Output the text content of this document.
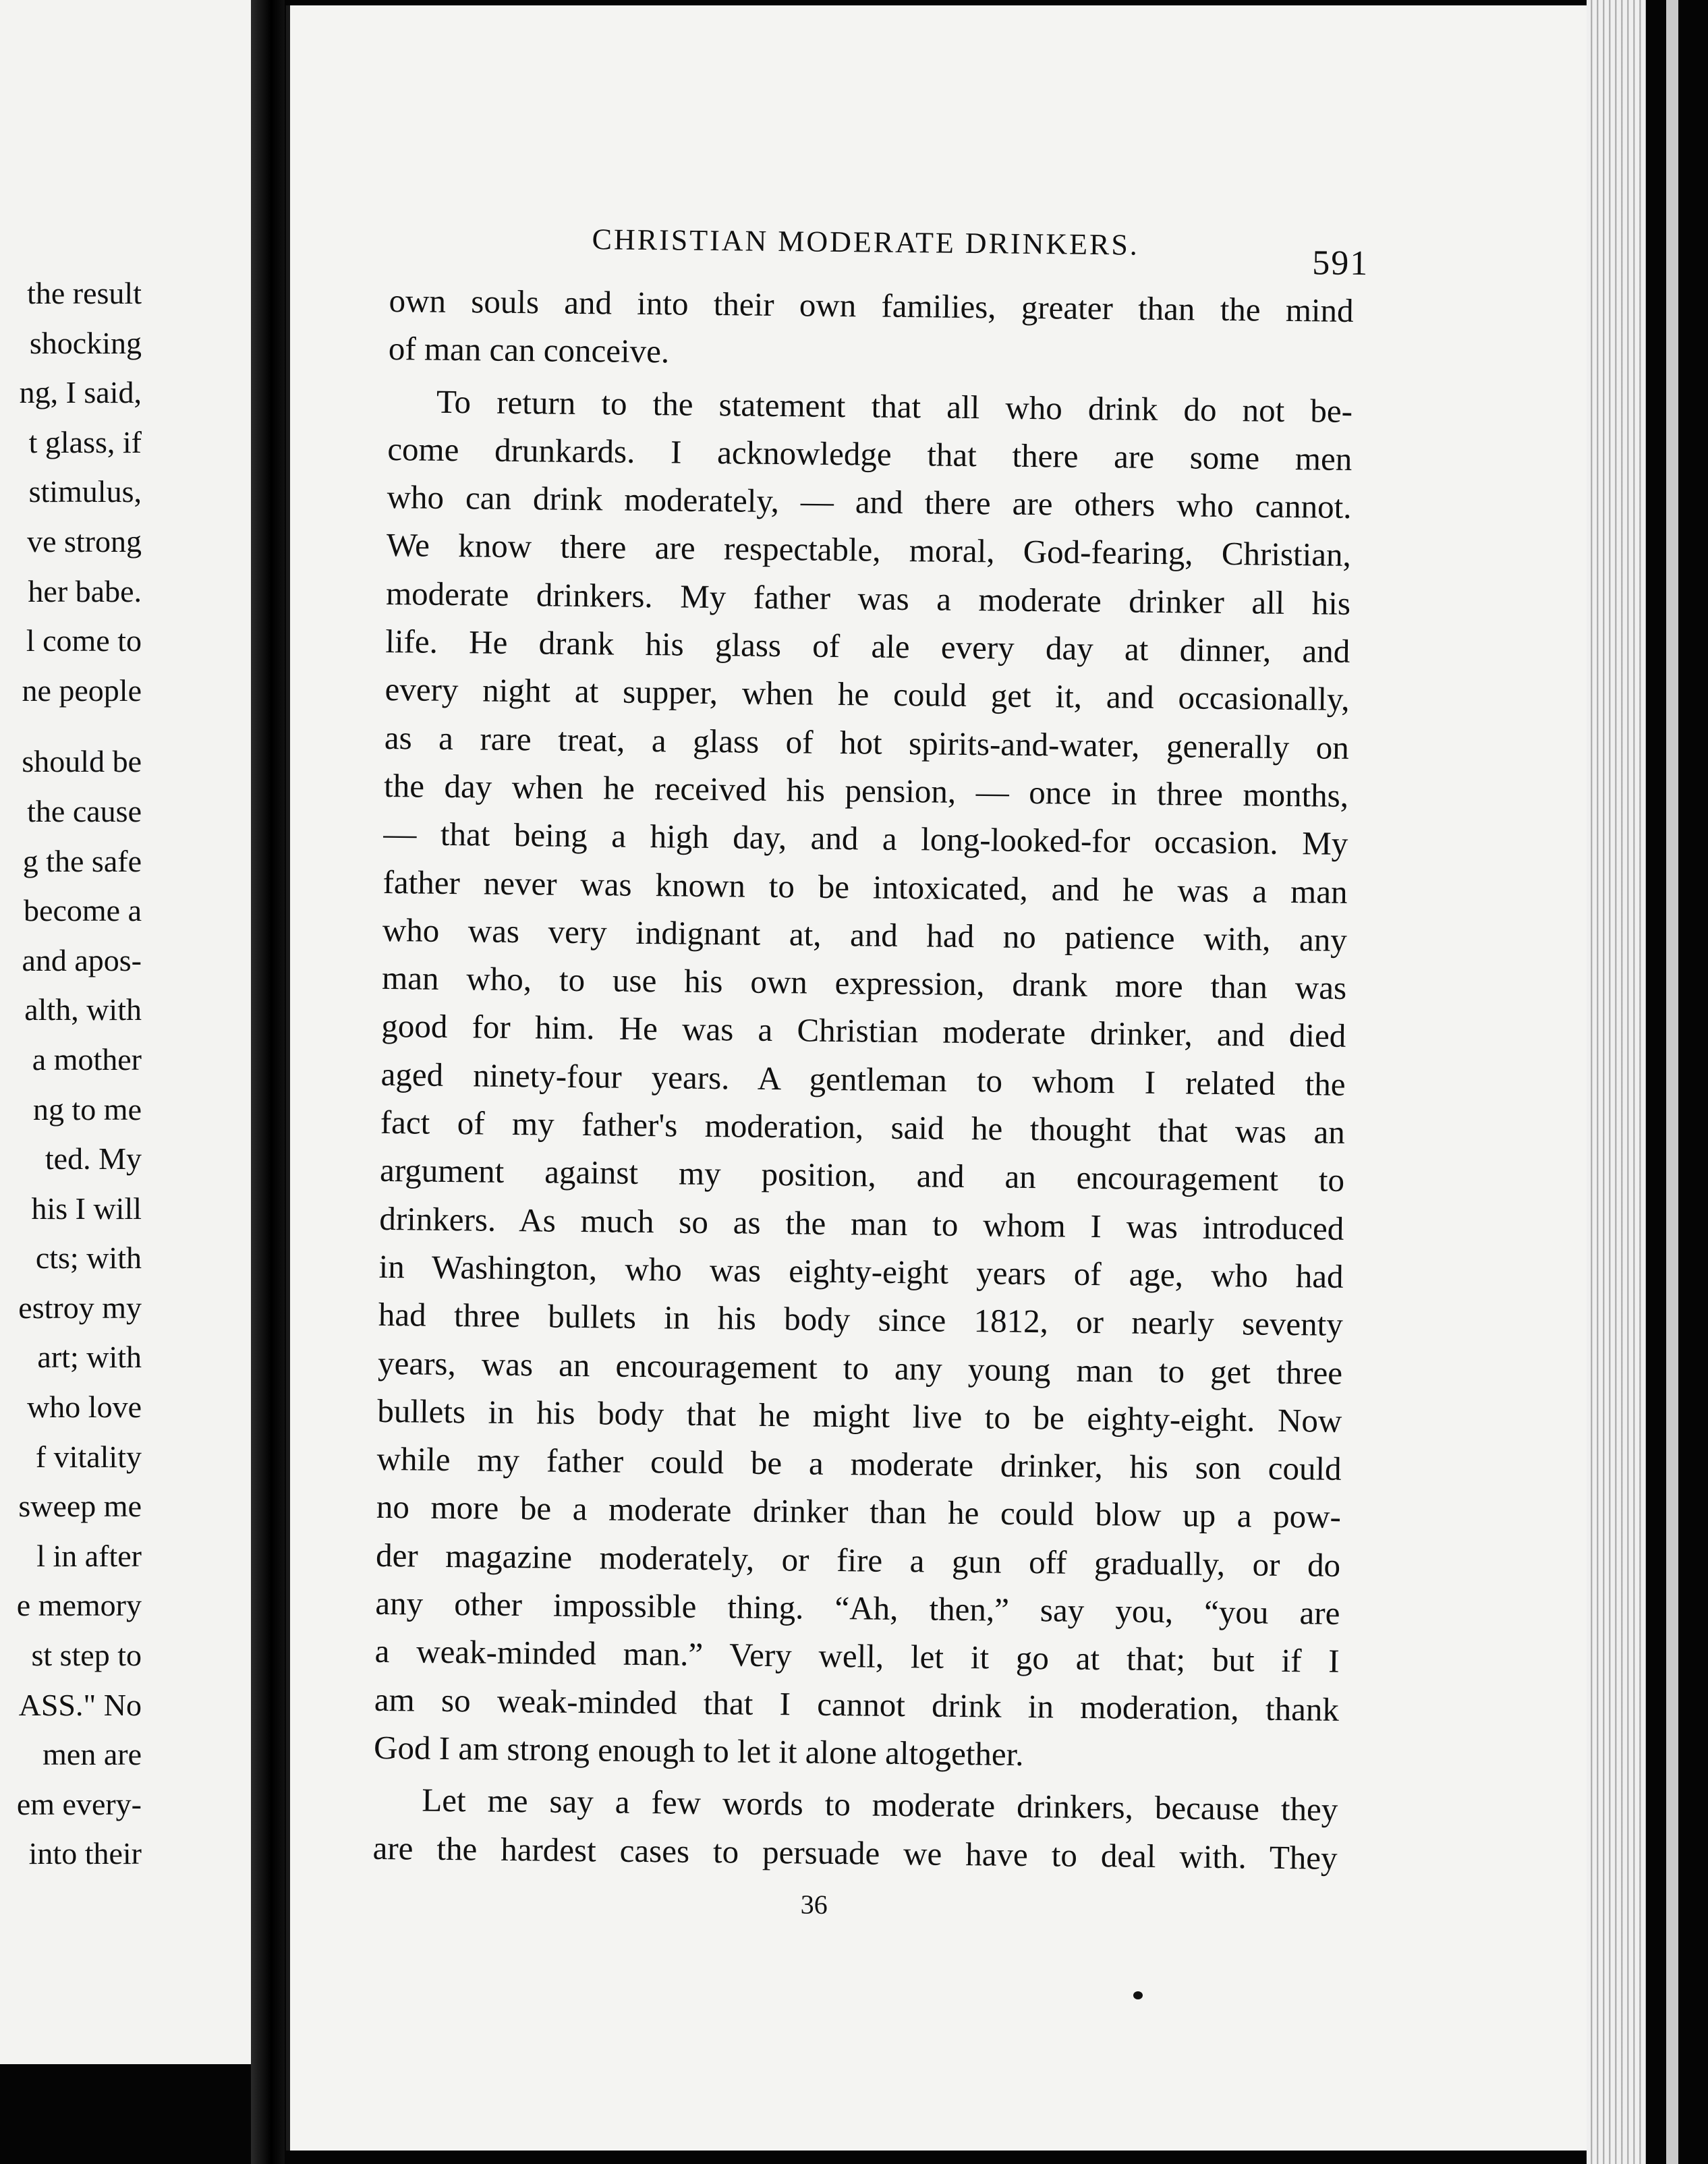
the result
shocking
ng, I said,
t glass, if
stimulus,
ve strong
her babe.
l come to
ne people
should be
the cause
g the safe
become a
and apos-
alth, with
a mother
ng to me
ted. My
his I will
cts; with
estroy my
art; with
who love
f vitality
sweep me
l in after
e memory
st step to
ASS." No
men are
em every-
into their
CHRISTIAN MODERATE DRINKERS.
591
own souls and into their own families, greater than the mind
of man can conceive.
To return to the statement that all who drink do not be-
come drunkards. I acknowledge that there are some men
who can drink moderately, — and there are others who cannot.
We know there are respectable, moral, God-fearing, Christian,
moderate drinkers. My father was a moderate drinker all his
life. He drank his glass of ale every day at dinner, and
every night at supper, when he could get it, and occasionally,
as a rare treat, a glass of hot spirits-and-water, generally on
the day when he received his pension, — once in three months,
— that being a high day, and a long-looked-for occasion. My
father never was known to be intoxicated, and he was a man
who was very indignant at, and had no patience with, any
man who, to use his own expression, drank more than was
good for him. He was a Christian moderate drinker, and died
aged ninety-four years. A gentleman to whom I related the
fact of my father's moderation, said he thought that was an
argument against my position, and an encouragement to
drinkers. As much so as the man to whom I was introduced
in Washington, who was eighty-eight years of age, who had
had three bullets in his body since 1812, or nearly seventy
years, was an encouragement to any young man to get three
bullets in his body that he might live to be eighty-eight. Now
while my father could be a moderate drinker, his son could
no more be a moderate drinker than he could blow up a pow-
der magazine moderately, or fire a gun off gradually, or do
any other impossible thing. “Ah, then,” say you, “you are
a weak-minded man.” Very well, let it go at that; but if I
am so weak-minded that I cannot drink in moderation, thank
God I am strong enough to let it alone altogether.
Let me say a few words to moderate drinkers, because they
are the hardest cases to persuade we have to deal with. They
36
